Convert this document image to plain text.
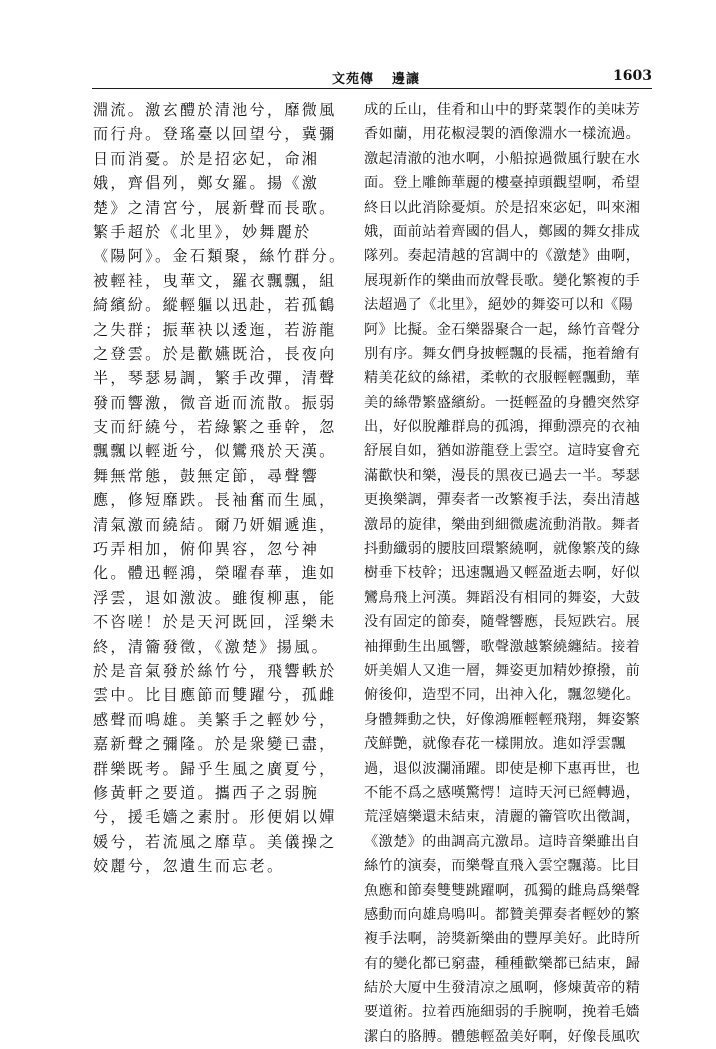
文苑傳 邊讓	1603
淵流。激玄醴於清池兮，靡微風
而行舟。登瑤臺以回望兮，冀彌
日而消憂。於是招宓妃，命湘
娥，齊倡列，鄭女羅。揚《激
楚》之清宮兮，展新聲而長歌。
繁手超於《北里》，妙舞麗於
《陽阿》。金石類聚，絲竹群分。
被輕袿，曳華文，羅衣飄飄，組
綺繽紛。縱輕軀以迅赴，若孤鶴
之失群；振華袂以逶迤，若游龍
之登雲。於是歡嬿既洽，長夜向
半，琴瑟易調，繁手改彈，清聲
發而響激，微音逝而流散。振弱
支而紆繞兮，若綠繁之垂幹，忽
飄飄以輕逝兮，似鸞飛於天漢。
舞無常態，鼓無定節，尋聲響
應，修短靡跌。長袖奮而生風，
清氣激而繞結。爾乃妍媚遞進，
巧弄相加，俯仰異容，忽兮神
化。體迅輕鴻，榮曜春華，進如
浮雲，退如激波。雖復柳惠，能
不咨嗟！於是天河既回，淫樂未
終，清籥發徵，《激楚》揚風。
於是音氣發於絲竹兮，飛響軼於
雲中。比目應節而雙躍兮，孤雌
感聲而鳴雄。美繁手之輕妙兮，
嘉新聲之彌隆。於是衆變已盡，
群樂既考。歸乎生風之廣夏兮，
修黃軒之要道。攜西子之弱腕
兮，援毛嬙之素肘。形便娟以嬋
媛兮，若流風之靡草。美儀操之
姣麗兮，忽遺生而忘老。
成的丘山，佳肴和山中的野菜製作的美味芳
香如蘭，用花椒浸製的酒像淵水一樣流過。
激起清澈的池水啊，小船掠過微風行駛在水
面。登上雕飾華麗的樓臺掉頭觀望啊，希望
終日以此消除憂煩。於是招來宓妃，叫來湘
娥，面前站着齊國的倡人，鄭國的舞女排成
隊列。奏起清越的宮調中的《激楚》曲啊，
展現新作的樂曲而放聲長歌。變化繁複的手
法超過了《北里》，絕妙的舞姿可以和《陽
阿》比擬。金石樂器聚合一起，絲竹音聲分
別有序。舞女們身披輕飄的長襦，拖着繪有
精美花紋的絲裙，柔軟的衣服輕輕飄動，華
美的絲帶繁盛繽紛。一挺輕盈的身體突然穿
出，好似脫離群鳥的孤鴻，揮動漂亮的衣袖
舒展自如，猶如游龍登上雲空。這時宴會充
滿歡快和樂，漫長的黑夜已過去一半。琴瑟
更換樂調，彈奏者一改繁複手法，奏出清越
激昂的旋律，樂曲到細微處流動消散。舞者
抖動纖弱的腰肢回環繁繞啊，就像繁茂的綠
樹垂下枝幹；迅速飄過又輕盈逝去啊，好似
鸞鳥飛上河漢。舞蹈没有相同的舞姿，大鼓
没有固定的節奏，隨聲響應，長短跌宕。展
袖揮動生出風響，歌聲激越繁繞纏結。接着
妍美媚人又進一層，舞姿更加精妙撩撥，前
俯後仰，造型不同，出神入化，飄忽變化。
身體舞動之快，好像鴻雁輕輕飛翔，舞姿繁
茂鮮艷，就像春花一樣開放。進如浮雲飄
過，退似波瀾涌躍。即使是柳下惠再世，也
不能不爲之感嘆驚愕！這時天河已經轉過，
荒淫嬉樂還未結束，清麗的籥管吹出徵調，
《激楚》的曲調高亢激昂。這時音樂雖出自
絲竹的演奏，而樂聲直飛入雲空飄蕩。比目
魚應和節奏雙雙跳躍啊，孤獨的雌鳥爲樂聲
感動而向雄鳥鳴叫。都贊美彈奏者輕妙的繁
複手法啊，誇獎新樂曲的豐厚美好。此時所
有的變化都已窮盡，種種歡樂都已結束，歸
結於大厦中生發清凉之風啊，修煉黃帝的精
要道術。拉着西施細弱的手腕啊，挽着毛嬙
潔白的胳膊。體態輕盈美好啊，好像長風吹
